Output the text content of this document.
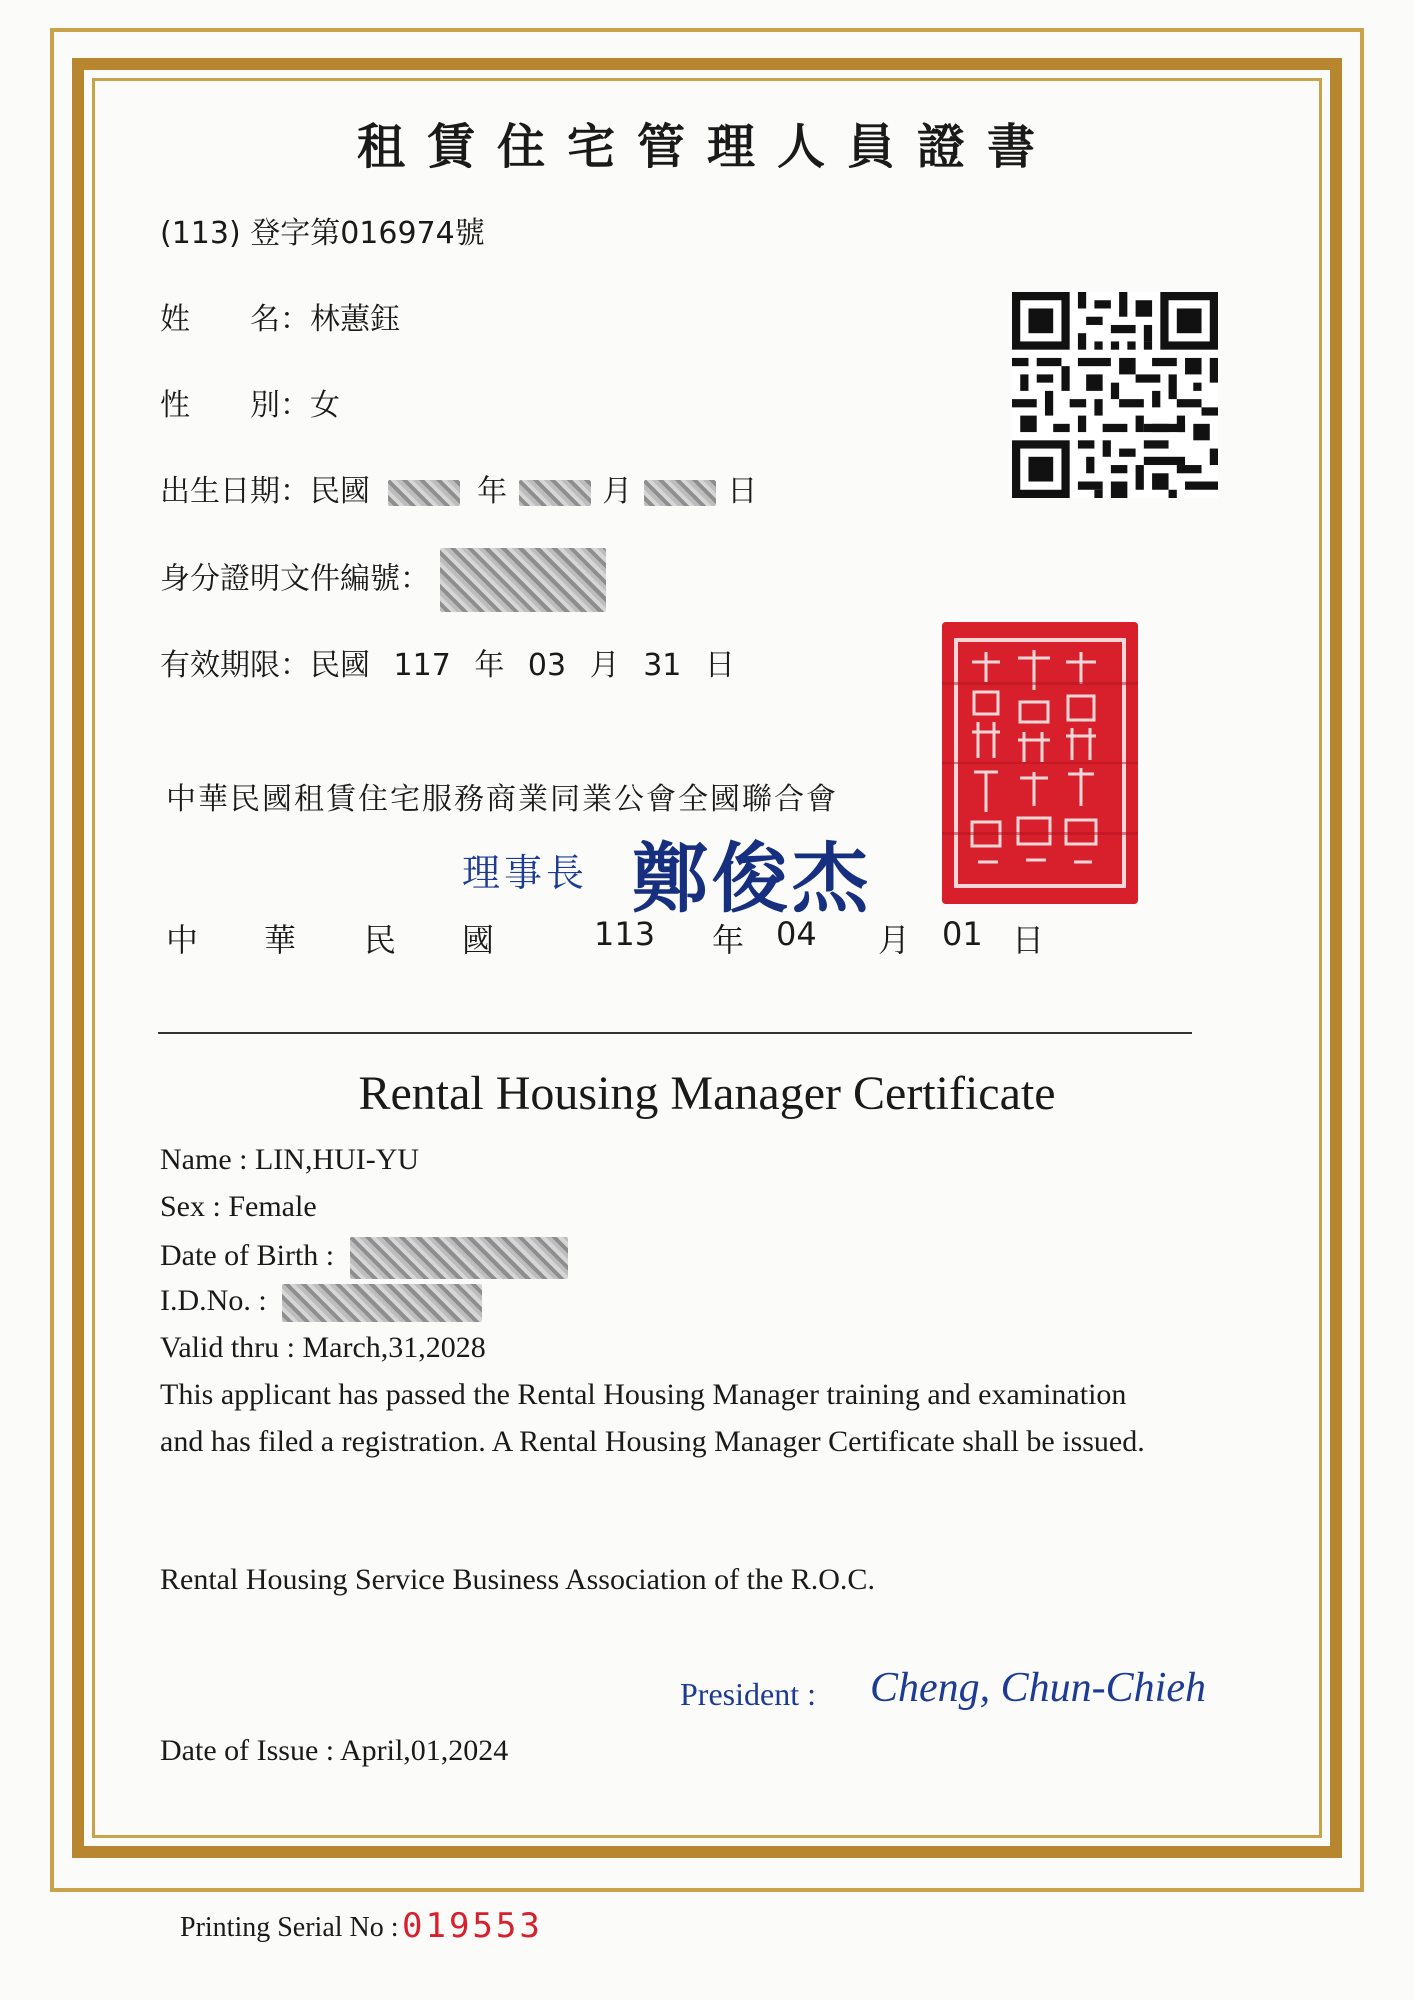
租賃住宅管理人員證書
(113) 登字第016974號
姓　　名：林蕙鈺
性　　別：女
出生日期：民國	年	月	日
身分證明文件編號：
有效期限：民國 117 年 03 月 31 日
中華民國租賃住宅服務商業同業公會全國聯合會
理事長 鄭俊杰
中 華 民 國	113 年 04 月 01 日
Rental Housing Manager Certificate
Name : LIN,HUI-YU
Sex : Female
Date of Birth :
I.D.No. :
Valid thru : March,31,2028
This applicant has passed the Rental Housing Manager training and examination
and has filed a registration. A Rental Housing Manager Certificate shall be issued.
Rental Housing Service Business Association of the R.O.C.
President : Cheng, Chun-Chieh
Date of Issue : April,01,2024
Printing Serial No : 019553
